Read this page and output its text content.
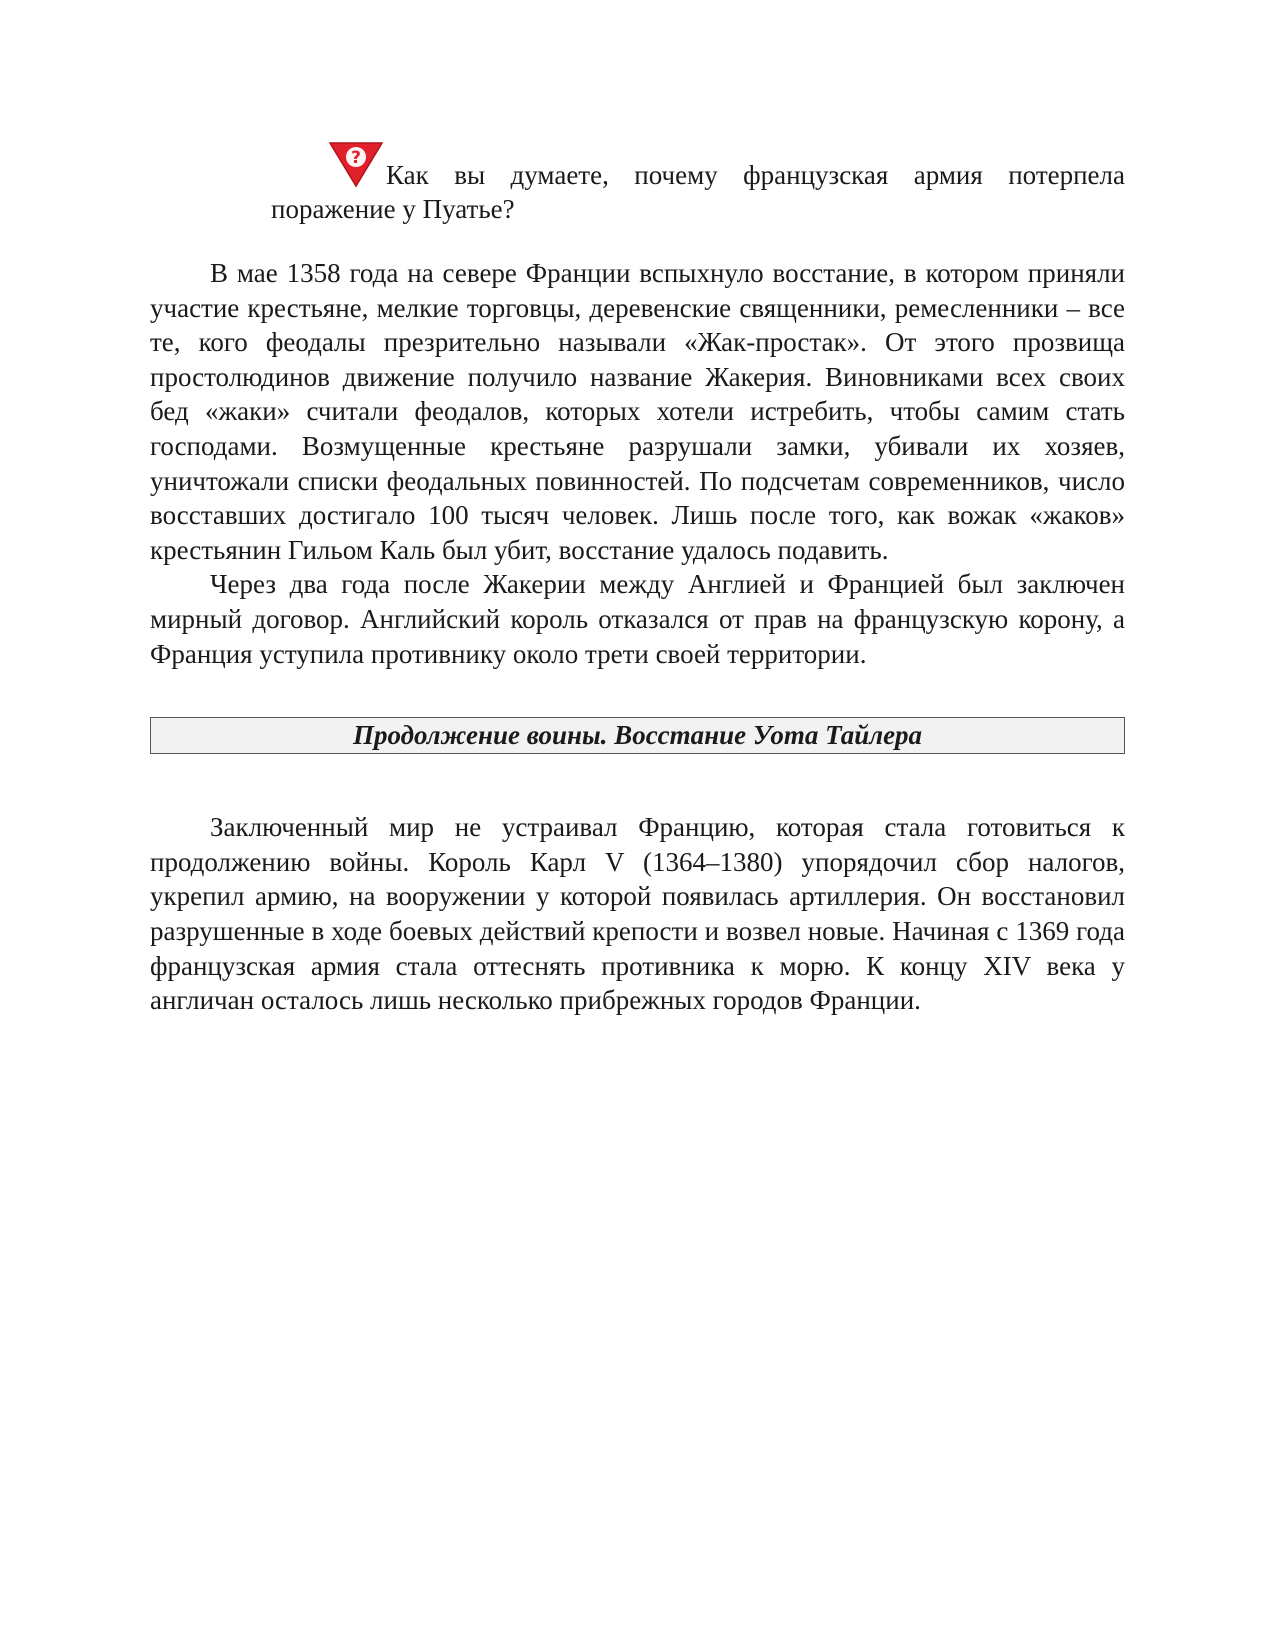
?
Как вы думаете, почему французская армия потерпела поражение у Пуатье?

В мае 1358 года на севере Франции вспыхнуло восстание, в котором приняли участие крестьяне, мелкие торговцы, деревенские священники, ремесленники – все те, кого феодалы презрительно называли «Жак-простак». От этого прозвища простолюдинов движение получило название Жакерия. Виновниками всех своих бед «жаки» считали феодалов, которых хотели истребить, чтобы самим стать господами. Возмущенные крестьяне разрушали замки, убивали их хозяев, уничтожали списки феодальных повинностей. По подсчетам современников, число восставших достигало 100 тысяч человек. Лишь после того, как вожак «жаков» крестьянин Гильом Каль был убит, восстание удалось подавить.

Через два года после Жакерии между Англией и Францией был заключен мирный договор. Английский король отказался от прав на французскую корону, а Франция уступила противнику около трети своей территории.

Продолжение воины. Восстание Уота Тайлера

Заключенный мир не устраивал Францию, которая стала готовиться к продолжению войны. Король Карл V (1364–1380) упорядочил сбор налогов, укрепил армию, на вооружении у которой появилась артиллерия. Он восстановил разрушенные в ходе боевых действий крепости и возвел новые. Начиная с 1369 года французская армия стала оттеснять противника к морю. К концу XIV века у англичан осталось лишь несколько прибрежных городов Франции.
